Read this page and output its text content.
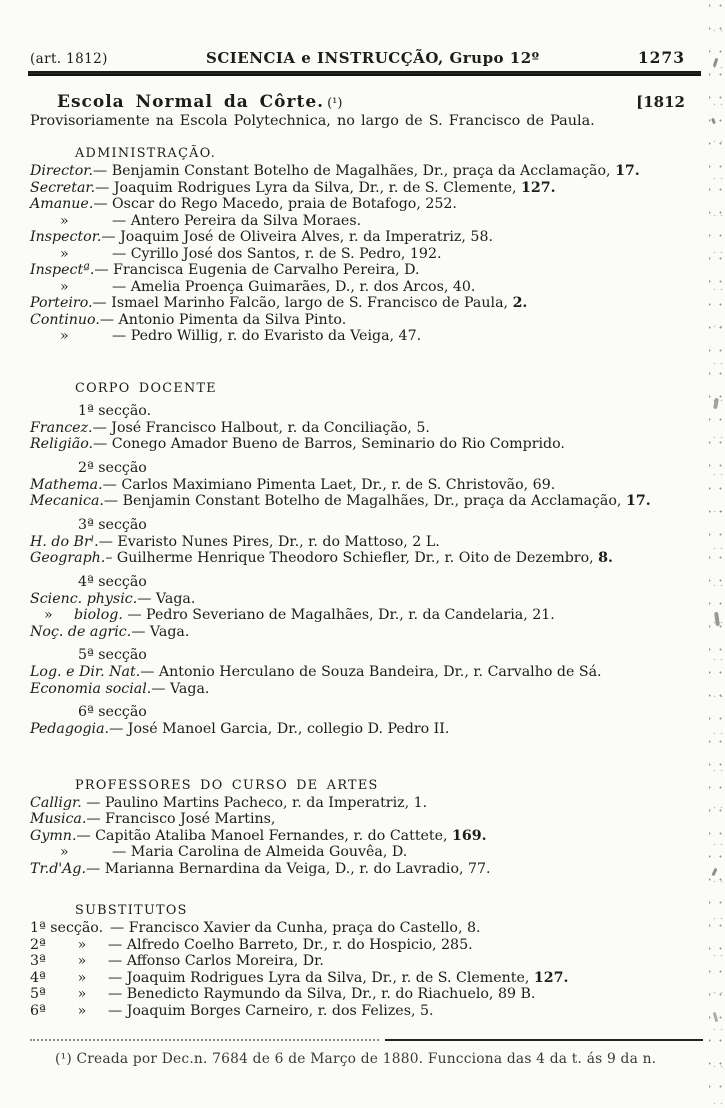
(art. 1812)	SCIENCIA e INSTRUCÇÃO, Grupo 12º	1273
Escola Normal da Côrte. (¹)	[1812
Provisoriamente na Escola Polytechnica, no largo de S. Francisco de Paula.
ADMINISTRAÇÃO.
Director.— Benjamin Constant Botelho de Magalhães, Dr., praça da Acclamação, 17.
Secretar.— Joaquim Rodrigues Lyra da Silva, Dr., r. de S. Clemente, 127.
Amanue.— Oscar do Rego Macedo, praia de Botafogo, 252.
»	— Antero Pereira da Silva Moraes.
Inspector.— Joaquim José de Oliveira Alves, r. da Imperatriz, 58.
»	— Cyrillo José dos Santos, r. de S. Pedro, 192.
Inspectª.— Francisca Eugenia de Carvalho Pereira, D.
»	— Amelia Proença Guimarães, D., r. dos Arcos, 40.
Porteiro.— Ismael Marinho Falcão, largo de S. Francisco de Paula, 2.
Continuo.— Antonio Pimenta da Silva Pinto.
»	— Pedro Willig, r. do Evaristo da Veiga, 47.
CORPO DOCENTE
1ª secção.
Francez.— José Francisco Halbout, r. da Conciliação, 5.
Religião.— Conego Amador Bueno de Barros, Seminario do Rio Comprido.
2ª secção
Mathema.— Carlos Maximiano Pimenta Laet, Dr., r. de S. Christovão, 69.
Mecanica.— Benjamin Constant Botelho de Magalhães, Dr., praça da Acclamação, 17.
3ª secção
H. do Brˡ.— Evaristo Nunes Pires, Dr., r. do Mattoso, 2 L.
Geograph.– Guilherme Henrique Theodoro Schiefler, Dr., r. Oito de Dezembro, 8.
4ª secção
Scienc. physic.— Vaga.
» biolog. — Pedro Severiano de Magalhães, Dr., r. da Candelaria, 21.
Noç. de agric.— Vaga.
5ª secção
Log. e Dir. Nat.— Antonio Herculano de Souza Bandeira, Dr., r. Carvalho de Sá.
Economia social.— Vaga.
6ª secção
Pedagogia.— José Manoel Garcia, Dr., collegio D. Pedro II.
PROFESSORES DO CURSO DE ARTES
Calligr. — Paulino Martins Pacheco, r. da Imperatriz, 1.
Musica.— Francisco José Martins,
Gymn.— Capitão Ataliba Manoel Fernandes, r. do Cattete, 169.
»	— Maria Carolina de Almeida Gouvêa, D.
Tr.d'Ag.— Marianna Bernardina da Veiga, D., r. do Lavradio, 77.
SUBSTITUTOS
1ª secção. — Francisco Xavier da Cunha, praça do Castello, 8.
2ª » — Alfredo Coelho Barreto, Dr., r. do Hospicio, 285.
3ª » — Affonso Carlos Moreira, Dr.
4ª » — Joaquim Rodrigues Lyra da Silva, Dr., r. de S. Clemente, 127.
5ª » — Benedicto Raymundo da Silva, Dr., r. do Riachuelo, 89 B.
6ª » — Joaquim Borges Carneiro, r. dos Felizes, 5.
(¹) Creada por Dec.n. 7684 de 6 de Março de 1880. Funcciona das 4 da t. ás 9 da n.
